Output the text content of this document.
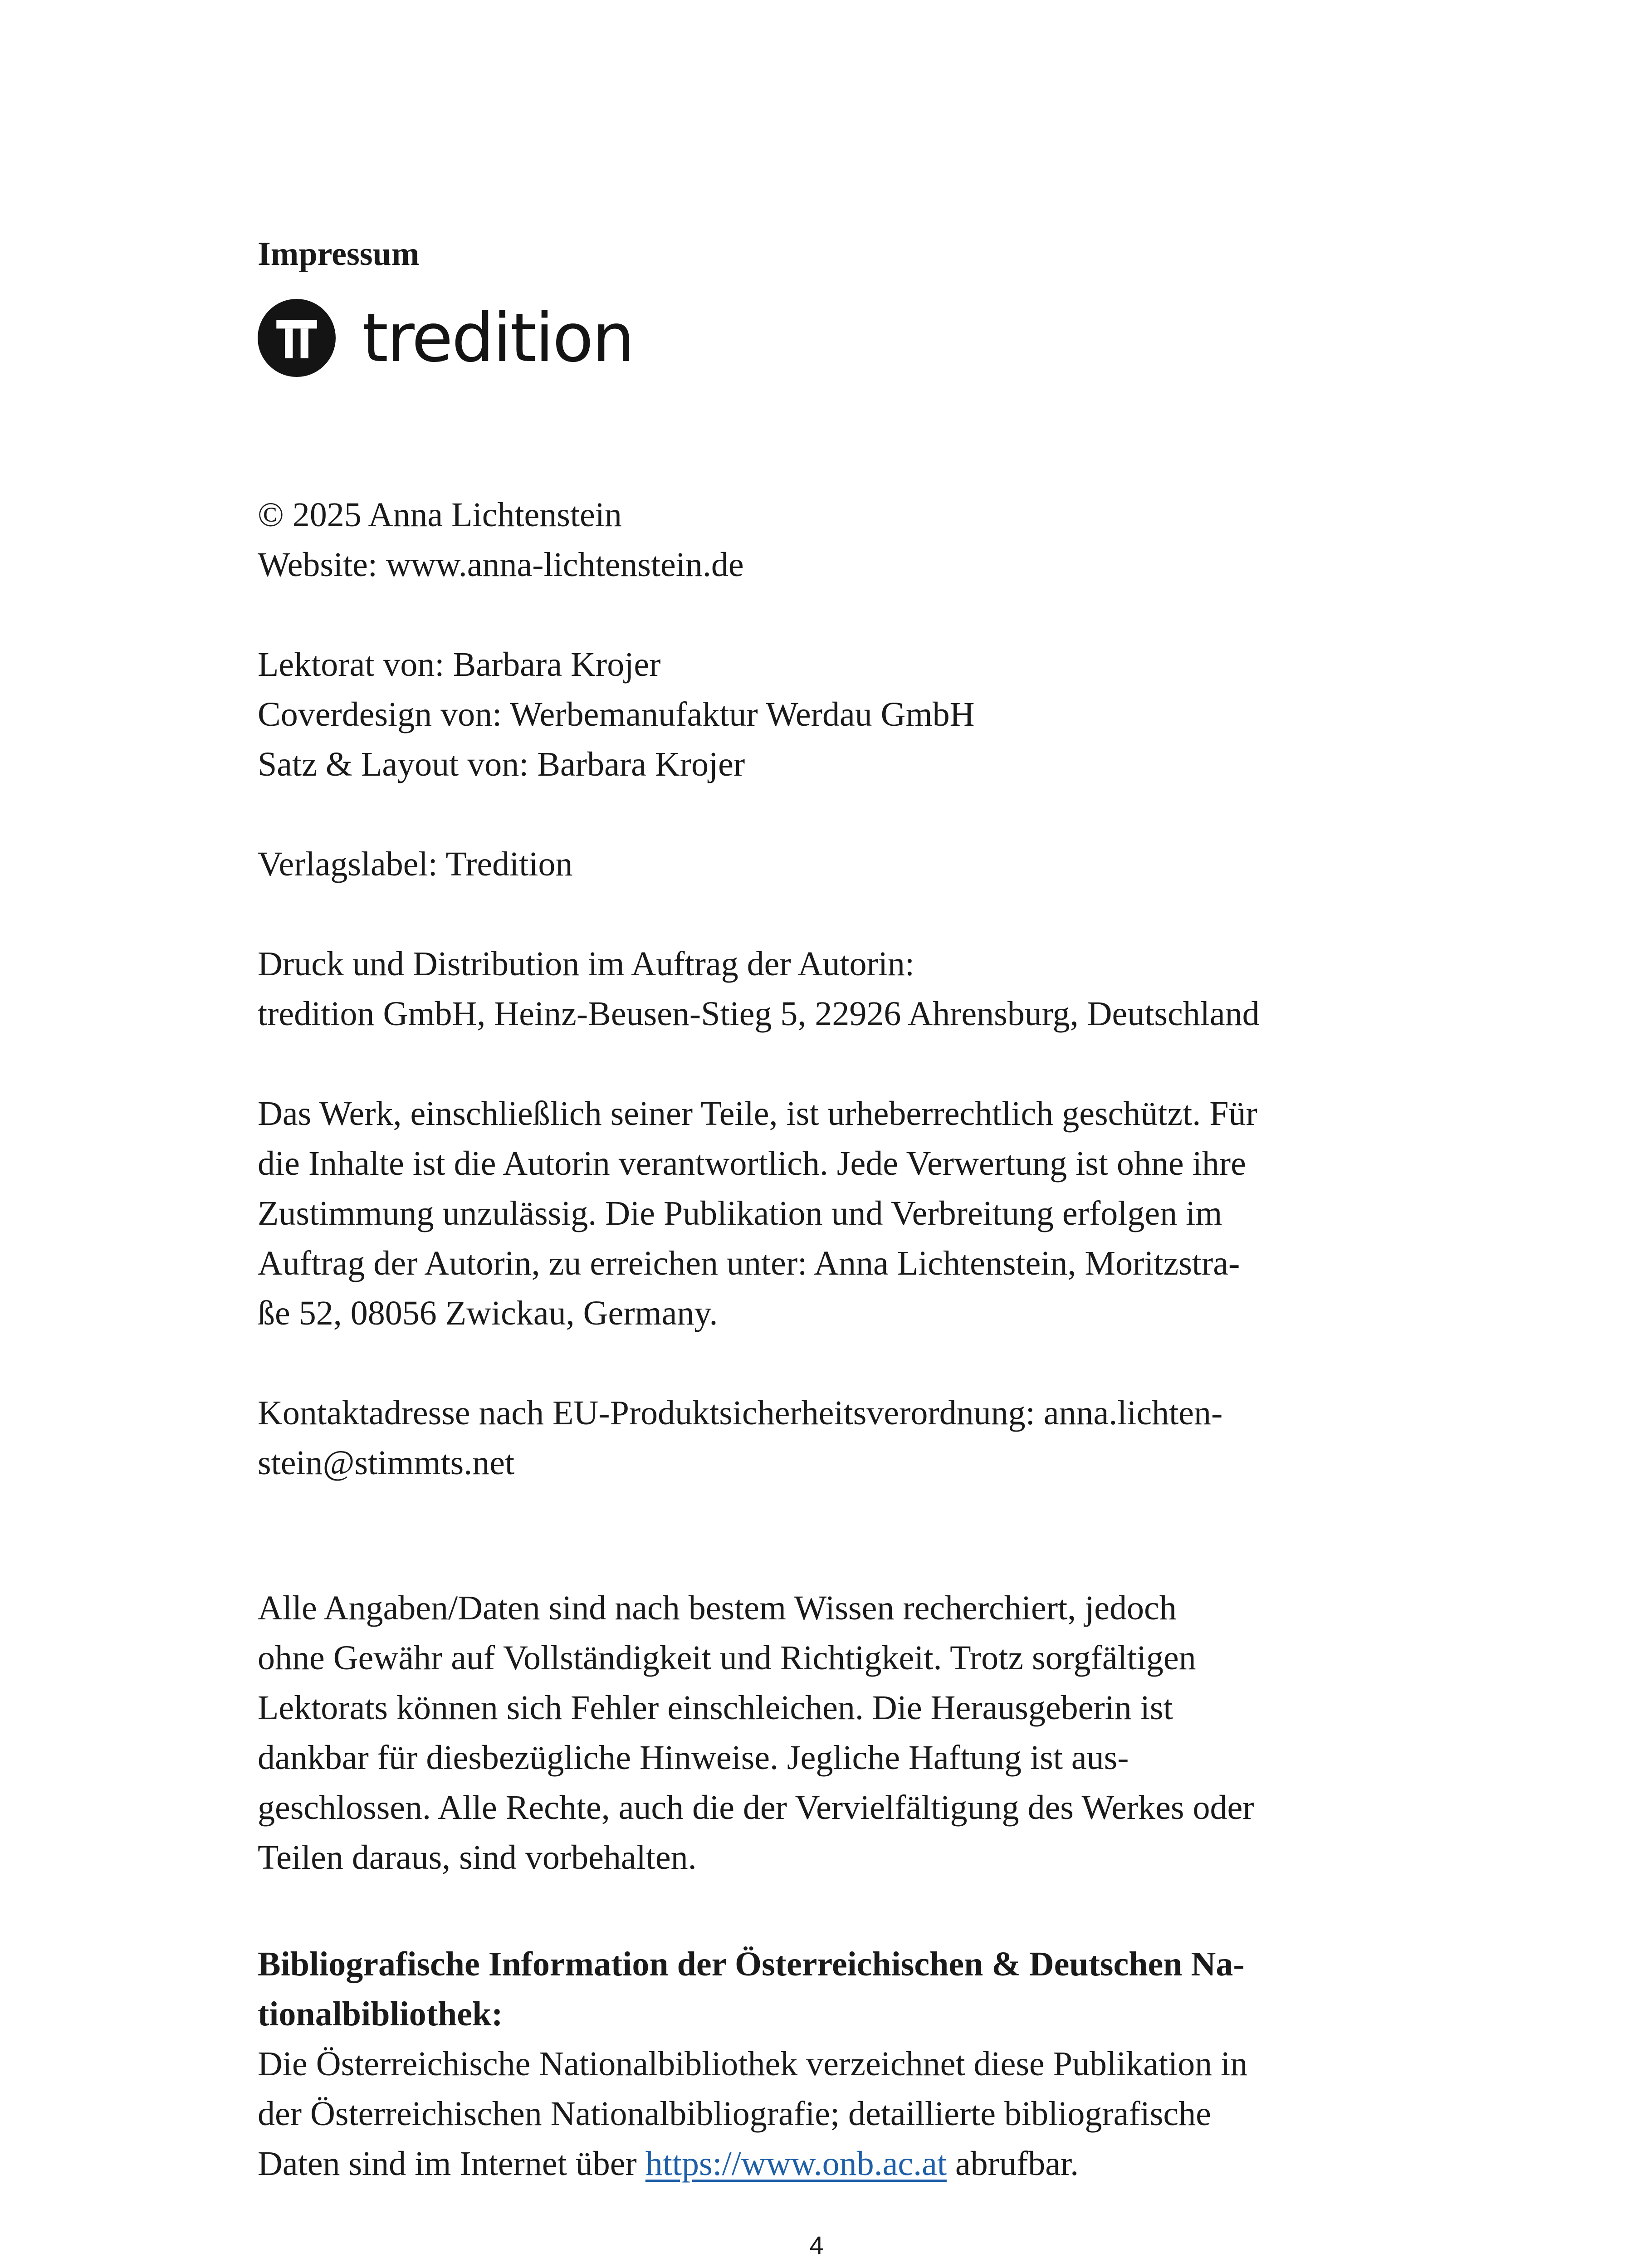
Impressum

tredition
© 2025 Anna Lichtenstein
Website: www.anna-lichtenstein.de
Lektorat von: Barbara Krojer
Coverdesign von: Werbemanufaktur Werdau GmbH
Satz & Layout von: Barbara Krojer
Verlagslabel: Tredition
Druck und Distribution im Auftrag der Autorin:
tredition GmbH, Heinz-Beusen-Stieg 5, 22926 Ahrensburg, Deutschland
Das Werk, einschließlich seiner Teile, ist urheberrechtlich geschützt. Für
die Inhalte ist die Autorin verantwortlich. Jede Verwertung ist ohne ihre
Zustimmung unzulässig. Die Publikation und Verbreitung erfolgen im
Auftrag der Autorin, zu erreichen unter: Anna Lichtenstein, Moritzstra-
ße 52, 08056 Zwickau, Germany.
Kontaktadresse nach EU-Produktsicherheitsverordnung: anna.lichten-
stein@stimmts.net
Alle Angaben/Daten sind nach bestem Wissen recherchiert, jedoch
ohne Gewähr auf Vollständigkeit und Richtigkeit. Trotz sorgfältigen
Lektorats können sich Fehler einschleichen. Die Herausgeberin ist
dankbar für diesbezügliche Hinweise. Jegliche Haftung ist aus-
geschlossen. Alle Rechte, auch die der Vervielfältigung des Werkes oder
Teilen daraus, sind vorbehalten.
Bibliografische Information der Österreichischen & Deutschen Na-
tionalbibliothek:
Die Österreichische Nationalbibliothek verzeichnet diese Publikation in
der Österreichischen Nationalbibliografie; detaillierte bibliografische
Daten sind im Internet über https://www.onb.ac.at abrufbar.
4
